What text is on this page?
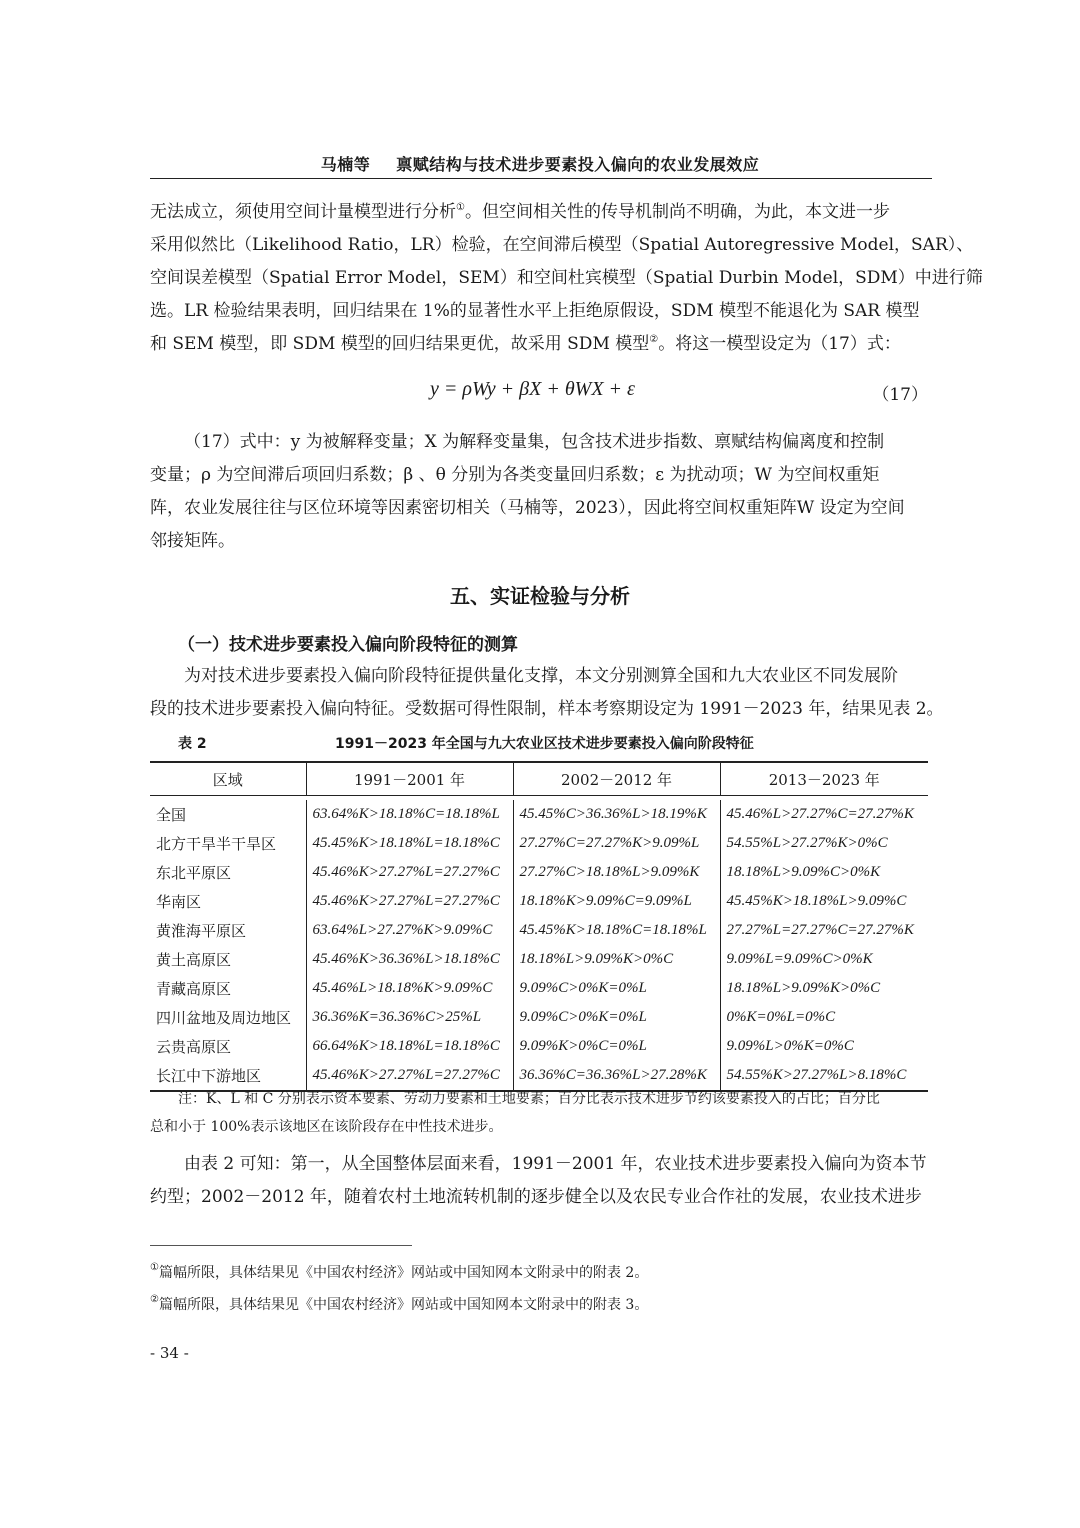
马楠等 禀赋结构与技术进步要素投入偏向的农业发展效应
无法成立，须使用空间计量模型进行分析①。但空间相关性的传导机制尚不明确，为此，本文进一步
采用似然比（Likelihood Ratio，LR）检验，在空间滞后模型（Spatial Autoregressive Model，SAR）、
空间误差模型（Spatial Error Model，SEM）和空间杜宾模型（Spatial Durbin Model，SDM）中进行筛
选。LR 检验结果表明，回归结果在 1%的显著性水平上拒绝原假设，SDM 模型不能退化为 SAR 模型
和 SEM 模型，即 SDM 模型的回归结果更优，故采用 SDM 模型②。将这一模型设定为（17）式：
y = ρWy + βX + θWX + ε	（17）
（17）式中：y 为被解释变量；X 为解释变量集，包含技术进步指数、禀赋结构偏离度和控制
变量；ρ 为空间滞后项回归系数；β 、θ 分别为各类变量回归系数；ε 为扰动项；W 为空间权重矩
阵，农业发展往往与区位环境等因素密切相关（马楠等，2023），因此将空间权重矩阵W 设定为空间
邻接矩阵。
五、实证检验与分析
（一）技术进步要素投入偏向阶段特征的测算
为对技术进步要素投入偏向阶段特征提供量化支撑，本文分别测算全国和九大农业区不同发展阶
段的技术进步要素投入偏向特征。受数据可得性限制，样本考察期设定为 1991－2023 年，结果见表 2。
表 2	1991－2023 年全国与九大农业区技术进步要素投入偏向阶段特征
区域	1991－2001 年	2002－2012 年	2013－2023 年

全国	63.64%K>18.18%C=18.18%L	45.45%C>36.36%L>18.19%K	45.46%L>27.27%C=27.27%K
北方干旱半干旱区	45.45%K>18.18%L=18.18%C	27.27%C=27.27%K>9.09%L	54.55%L>27.27%K>0%C
东北平原区	45.46%K>27.27%L=27.27%C	27.27%C>18.18%L>9.09%K	18.18%L>9.09%C>0%K
华南区	45.46%K>27.27%L=27.27%C	18.18%K>9.09%C=9.09%L	45.45%K>18.18%L>9.09%C
黄淮海平原区	63.64%L>27.27%K>9.09%C	45.45%K>18.18%C=18.18%L	27.27%L=27.27%C=27.27%K
黄土高原区	45.46%K>36.36%L>18.18%C	18.18%L>9.09%K>0%C	9.09%L=9.09%C>0%K
青藏高原区	45.46%L>18.18%K>9.09%C	9.09%C>0%K=0%L	18.18%L>9.09%K>0%C
四川盆地及周边地区	36.36%K=36.36%C>25%L	9.09%C>0%K=0%L	0%K=0%L=0%C
云贵高原区	66.64%K>18.18%L=18.18%C	9.09%K>0%C=0%L	9.09%L>0%K=0%C
长江中下游地区	45.46%K>27.27%L=27.27%C	36.36%C=36.36%L>27.28%K	54.55%K>27.27%L>8.18%C
注：K、L 和 C 分别表示资本要素、劳动力要素和土地要素；百分比表示技术进步节约该要素投入的占比；百分比
总和小于 100%表示该地区在该阶段存在中性技术进步。
由表 2 可知：第一，从全国整体层面来看，1991－2001 年，农业技术进步要素投入偏向为资本节
约型；2002－2012 年，随着农村土地流转机制的逐步健全以及农民专业合作社的发展，农业技术进步
①篇幅所限，具体结果见《中国农村经济》网站或中国知网本文附录中的附表 2。
②篇幅所限，具体结果见《中国农村经济》网站或中国知网本文附录中的附表 3。
- 34 -
